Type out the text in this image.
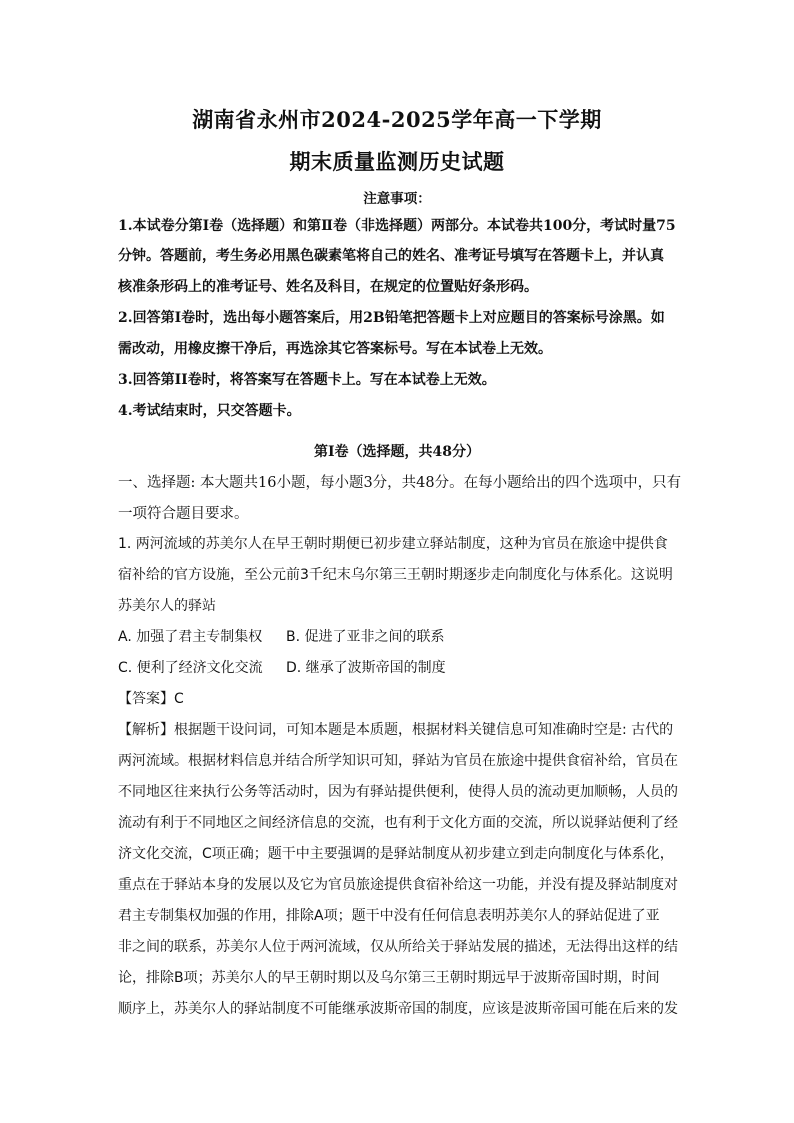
湖南省永州市2024-2025学年高一下学期
期末质量监测历史试题
注意事项：
1.本试卷分第Ⅰ卷（选择题）和第Ⅱ卷（非选择题）两部分。本试卷共100分，考试时量75
分钟。答题前，考生务必用黑色碳素笔将自己的姓名、准考证号填写在答题卡上，并认真
核准条形码上的准考证号、姓名及科目，在规定的位置贴好条形码。
2.回答第Ⅰ卷时，选出每小题答案后，用2B铅笔把答题卡上对应题目的答案标号涂黑。如
需改动，用橡皮擦干净后，再选涂其它答案标号。写在本试卷上无效。
3.回答第II卷时，将答案写在答题卡上。写在本试卷上无效。
4.考试结束时，只交答题卡。
第Ⅰ卷（选择题，共48分）
一、选择题: 本大题共16小题，每小题3分，共48分。在每小题给出的四个选项中，只有
一项符合题目要求。
1. 两河流域的苏美尔人在早王朝时期便已初步建立驿站制度，这种为官员在旅途中提供食
宿补给的官方设施，至公元前3千纪末乌尔第三王朝时期逐步走向制度化与体系化。这说明
苏美尔人的驿站
A. 加强了君主专制集权 B. 促进了亚非之间的联系
C. 便利了经济文化交流 D. 继承了波斯帝国的制度
【答案】C
【解析】根据题干设问词，可知本题是本质题，根据材料关键信息可知准确时空是: 古代的
两河流域。根据材料信息并结合所学知识可知，驿站为官员在旅途中提供食宿补给，官员在
不同地区往来执行公务等活动时，因为有驿站提供便利，使得人员的流动更加顺畅，人员的
流动有利于不同地区之间经济信息的交流，也有利于文化方面的交流，所以说驿站便利了经
济文化交流，C项正确；题干中主要强调的是驿站制度从初步建立到走向制度化与体系化，
重点在于驿站本身的发展以及它为官员旅途提供食宿补给这一功能，并没有提及驿站制度对
君主专制集权加强的作用，排除A项；题干中没有任何信息表明苏美尔人的驿站促进了亚
非之间的联系，苏美尔人位于两河流域，仅从所给关于驿站发展的描述，无法得出这样的结
论，排除B项；苏美尔人的早王朝时期以及乌尔第三王朝时期远早于波斯帝国时期，时间
顺序上，苏美尔人的驿站制度不可能继承波斯帝国的制度，应该是波斯帝国可能在后来的发
